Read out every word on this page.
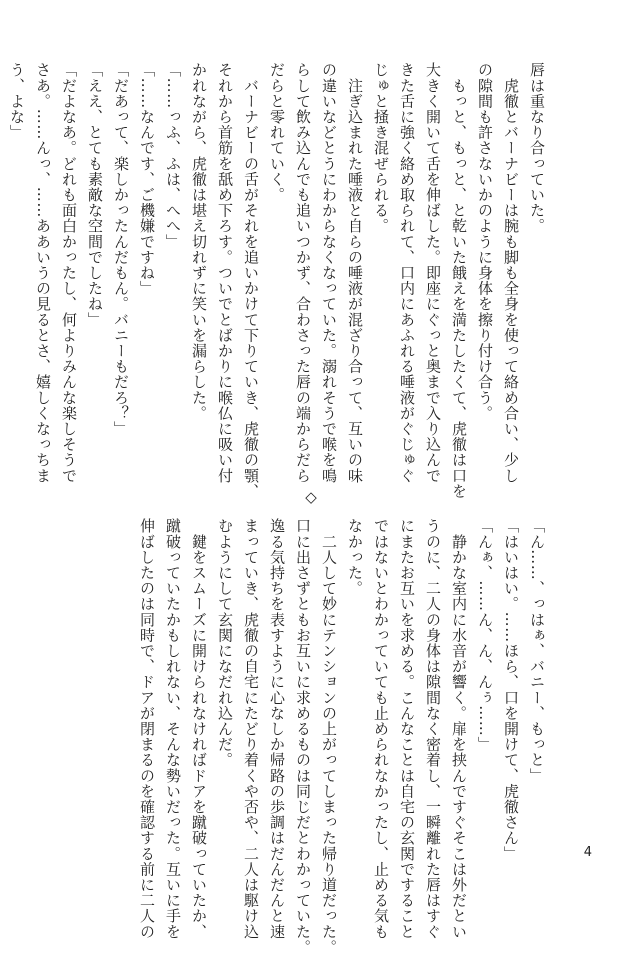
唇は重なり合っていた。
　虎徹とバーナビーは腕も脚も全身を使って絡め合い、少し
の隙間も許さないかのように身体を擦り付け合う。
　もっと、もっと、と乾いた餓えを満たしたくて、虎徹は口を
大きく開いて舌を伸ばした。即座にぐっと奥まで入り込んで
きた舌に強く絡め取られて、口内にあふれる唾液がぐじゅぐ
じゅと掻き混ぜられる。
　注ぎ込まれた唾液と自らの唾液が混ざり合って、互いの味
の違いなどとうにわからなくなっていた。溺れそうで喉を鳴
らして飲み込んでも追いつかず、合わさった唇の端からだら
だらと零れていく。
　バーナビーの舌がそれを追いかけて下りていき、虎徹の顎、
それから首筋を舐め下ろす。ついでとばかりに喉仏に吸い付
かれながら、虎徹は堪え切れずに笑いを漏らした。
「……っふ、ふは、へへ」
「……なんです、ご機嫌ですね」
「だあって、楽しかったんだもん。バニーもだろ？」
「ええ、とても素敵な空間でしたね」
「だよなあ。どれも面白かったし、何よりみんな楽しそうで
さあ。……んっ、……ああいうの見るとさ、嬉しくなっちま
う、よな」
◇
「ん……、っはぁ、バニー、もっと」
「はいはい。……ほら、口を開けて、虎徹さん」
「んぁ、……ん、ん、んぅ……」
　静かな室内に水音が響く。扉を挟んですぐそこは外だとい
うのに、二人の身体は隙間なく密着し、一瞬離れた唇はすぐ
にまたお互いを求める。こんなことは自宅の玄関ですること
ではないとわかっていても止められなかったし、止める気も
なかった。
　二人して妙にテンションの上がってしまった帰り道だった。
口に出さずともお互いに求めるものは同じだとわかっていた。
逸る気持ちを表すように心なしか帰路の歩調はだんだんと速
まっていき、虎徹の自宅にたどり着くや否や、二人は駆け込
むようにして玄関になだれ込んだ。
　鍵をスムーズに開けられなければドアを蹴破っていたか、
蹴破っていたかもしれない、そんな勢いだった。互いに手を
伸ばしたのは同時で、ドアが閉まるのを確認する前に二人の	4
